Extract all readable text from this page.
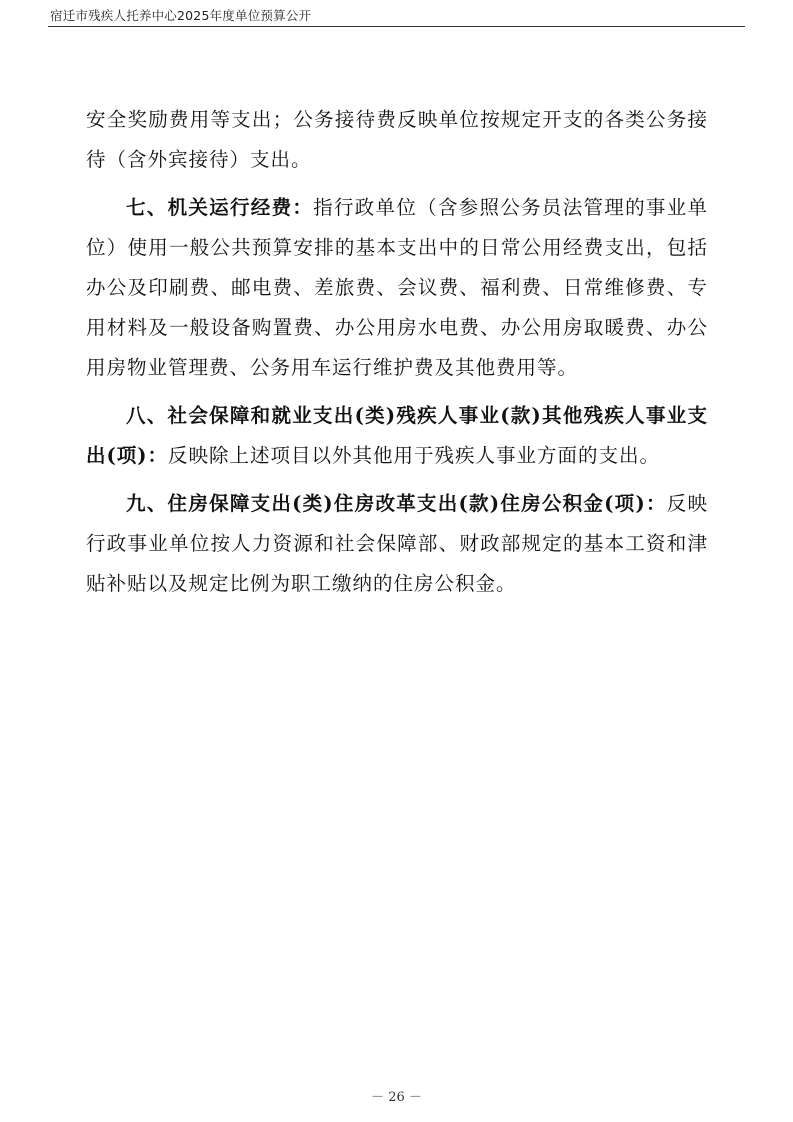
宿迁市残疾人托养中心2025年度单位预算公开

安全奖励费用等支出；公务接待费反映单位按规定开支的各类公务接待（含外宾接待）支出。

七、机关运行经费：指行政单位（含参照公务员法管理的事业单位）使用一般公共预算安排的基本支出中的日常公用经费支出，包括办公及印刷费、邮电费、差旅费、会议费、福利费、日常维修费、专用材料及一般设备购置费、办公用房水电费、办公用房取暖费、办公用房物业管理费、公务用车运行维护费及其他费用等。

八、社会保障和就业支出(类)残疾人事业(款)其他残疾人事业支出(项)：反映除上述项目以外其他用于残疾人事业方面的支出。

九、住房保障支出(类)住房改革支出(款)住房公积金(项)：反映行政事业单位按人力资源和社会保障部、财政部规定的基本工资和津贴补贴以及规定比例为职工缴纳的住房公积金。

－ 26 －
